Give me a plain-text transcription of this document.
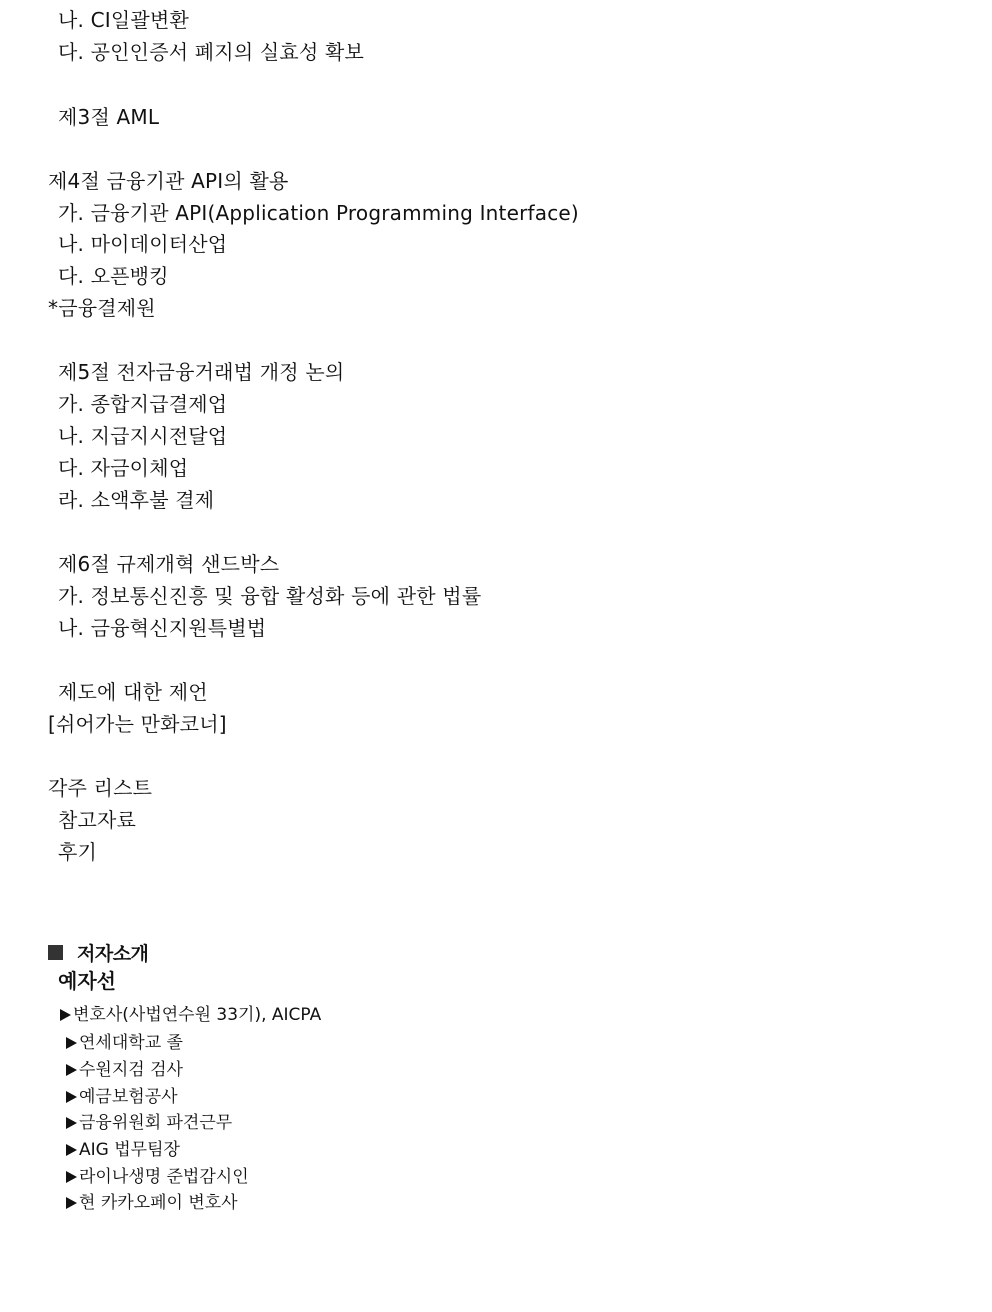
나. CI일괄변환
다. 공인인증서 폐지의 실효성 확보
제3절 AML
제4절 금융기관 API의 활용
가. 금융기관 API(Application Programming Interface)
나. 마이데이터산업
다. 오픈뱅킹
*금융결제원
제5절 전자금융거래법 개정 논의
가. 종합지급결제업
나. 지급지시전달업
다. 자금이체업
라. 소액후불 결제
제6절 규제개혁 샌드박스
가. 정보통신진흥 및 융합 활성화 등에 관한 법률
나. 금융혁신지원특별법
제도에 대한 제언
[쉬어가는 만화코너]
각주 리스트
참고자료
후기
저자소개
예자선
변호사(사법연수원 33기), AICPA
연세대학교 졸
수원지검 검사
예금보험공사
금융위원회 파견근무
AIG 법무팀장
라이나생명 준법감시인
현 카카오페이 변호사
